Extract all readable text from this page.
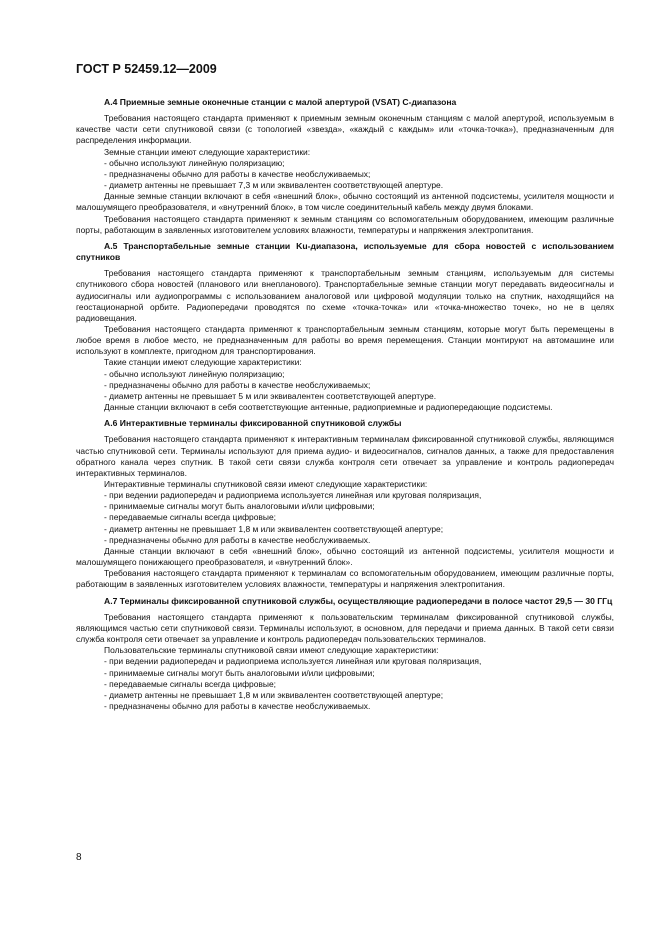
ГОСТ Р 52459.12—2009
А.4 Приемные земные оконечные станции с малой апертурой (VSAT) С-диапазона

Требования настоящего стандарта применяют к приемным земным оконечным станциям с малой апертурой, используемым в качестве части сети спутниковой связи (с топологией «звезда», «каждый с каждым» или «точка-точка»), предназначенным для распределения информации.

Земные станции имеют следующие характеристики:

- обычно используют линейную поляризацию;

- предназначены обычно для работы в качестве необслуживаемых;

- диаметр антенны не превышает 7,3 м или эквивалентен соответствующей апертуре.

Данные земные станции включают в себя «внешний блок», обычно состоящий из антенной подсистемы, усилителя мощности и малошумящего преобразователя, и «внутренний блок», в том числе соединительный кабель между двумя блоками.

Требования настоящего стандарта применяют к земным станциям со вспомогательным оборудованием, имеющим различные порты, работающим в заявленных изготовителем условиях влажности, температуры и напряжения электропитания.

А.5 Транспортабельные земные станции Ku-диапазона, используемые для сбора новостей с использованием спутников

Требования настоящего стандарта применяют к транспортабельным земным станциям, используемым для системы спутникового сбора новостей (планового или внепланового). Транспортабельные земные станции могут передавать видеосигналы и аудиосигналы или аудиопрограммы с использованием аналоговой или цифровой модуляции только на спутник, находящийся на геостационарной орбите. Радиопередачи проводятся по схеме «точка-точка» или «точка-множество точек», но не в целях радиовещания.

Требования настоящего стандарта применяют к транспортабельным земным станциям, которые могут быть перемещены в любое время в любое место, не предназначенным для работы во время перемещения. Станции монтируют на автомашине или используют в комплекте, пригодном для транспортирования.

Такие станции имеют следующие характеристики:

- обычно используют линейную поляризацию;

- предназначены обычно для работы в качестве необслуживаемых;

- диаметр антенны не превышает 5 м или эквивалентен соответствующей апертуре.

Данные станции включают в себя соответствующие антенные, радиоприемные и радиопередающие подсистемы.

А.6 Интерактивные терминалы фиксированной спутниковой службы

Требования настоящего стандарта применяют к интерактивным терминалам фиксированной спутниковой службы, являющимся частью спутниковой сети. Терминалы используют для приема аудио- и видеосигналов, сигналов данных, а также для предоставления обратного канала через спутник. В такой сети связи служба контроля сети отвечает за управление и контроль радиопередач интерактивных терминалов.

Интерактивные терминалы спутниковой связи имеют следующие характеристики:

- при ведении радиопередач и радиоприема используется линейная или круговая поляризация,

- принимаемые сигналы могут быть аналоговыми и/или цифровыми;

- передаваемые сигналы всегда цифровые;

- диаметр антенны не превышает 1,8 м или эквивалентен соответствующей апертуре;

- предназначены обычно для работы в качестве необслуживаемых.

Данные станции включают в себя «внешний блок», обычно состоящий из антенной подсистемы, усилителя мощности и малошумящего понижающего преобразователя, и «внутренний блок».

Требования настоящего стандарта применяют к терминалам со вспомогательным оборудованием, имеющим различные порты, работающим в заявленных изготовителем условиях влажности, температуры и напряжения электропитания.

А.7 Терминалы фиксированной спутниковой службы, осуществляющие радиопередачи в полосе частот 29,5 — 30 ГГц

Требования настоящего стандарта применяют к пользовательским терминалам фиксированной спутниковой службы, являющимся частью сети спутниковой связи. Терминалы используют, в основном, для передачи и приема данных. В такой сети связи служба контроля сети отвечает за управление и контроль радиопередач пользовательских терминалов.

Пользовательские терминалы спутниковой связи имеют следующие характеристики:

- при ведении радиопередач и радиоприема используется линейная или круговая поляризация,

- принимаемые сигналы могут быть аналоговыми и/или цифровыми;

- передаваемые сигналы всегда цифровые;

- диаметр антенны не превышает 1,8 м или эквивалентен соответствующей апертуре;

- предназначены обычно для работы в качестве необслуживаемых.

8
